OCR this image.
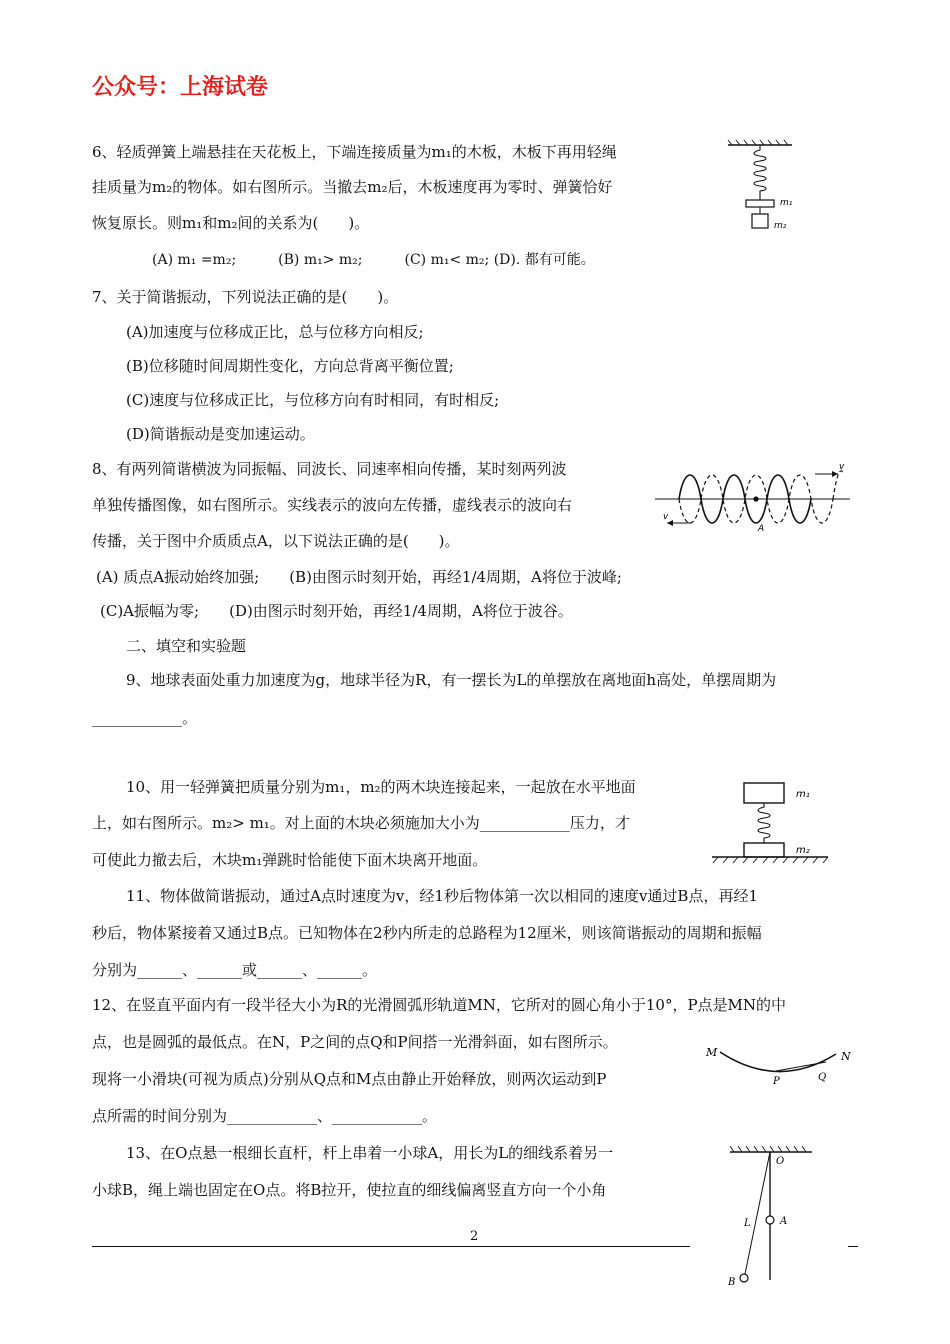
公众号：上海试卷
6、轻质弹簧上端悬挂在天花板上，下端连接质量为m₁的木板，木板下再用轻绳
挂质量为m₂的物体。如右图所示。当撤去m₂后，木板速度再为零时、弹簧恰好
恢复原长。则m₁和m₂间的关系为(　　)。
(A) m₁ =m₂;　　　(B) m₁> m₂;　　　(C) m₁< m₂; (D). 都有可能。
m₁
m₂
7、关于简谐振动，下列说法正确的是(　　)。
(A)加速度与位移成正比，总与位移方向相反;
(B)位移随时间周期性变化，方向总背离平衡位置;
(C)速度与位移成正比，与位移方向有时相同，有时相反;
(D)简谐振动是变加速运动。
8、有两列简谐横波为同振幅、同波长、同速率相向传播，某时刻两列波
单独传播图像，如右图所示。实线表示的波向左传播，虚线表示的波向右
传播，关于图中介质质点A，以下说法正确的是(　　)。
(A) 质点A振动始终加强;　　(B)由图示时刻开始，再经1/4周期，A将位于波峰;
(C)A振幅为零;　　(D)由图示时刻开始，再经1/4周期，A将位于波谷。
v
v
A
二、填空和实验题
9、地球表面处重力加速度为g，地球半径为R，有一摆长为L的单摆放在离地面h高处，单摆周期为
____________。
10、用一轻弹簧把质量分别为m₁，m₂的两木块连接起来，一起放在水平地面
上，如右图所示。m₂> m₁。对上面的木块必须施加大小为____________压力，才
可使此力撤去后，木块m₁弹跳时恰能使下面木块离开地面。
m₁
m₂
11、物体做简谐振动，通过A点时速度为v，经1秒后物体第一次以相同的速度v通过B点，再经1
秒后，物体紧接着又通过B点。已知物体在2秒内所走的总路程为12厘米，则该简谐振动的周期和振幅
分别为______、______或______、______。
12、在竖直平面内有一段半径大小为R的光滑圆弧形轨道MN，它所对的圆心角小于10°，P点是MN的中
点，也是圆弧的最低点。在N，P之间的点Q和P间搭一光滑斜面，如右图所示。
现将一小滑块(可视为质点)分别从Q点和M点由静止开始释放，则两次运动到P
点所需的时间分别为____________、____________。
M	N
P	Q
13、在O点悬一根细长直杆，杆上串着一小球A，用长为L的细线系着另一
小球B，绳上端也固定在O点。将B拉开，使拉直的细线偏离竖直方向一个小角
O
L	A
B
2
